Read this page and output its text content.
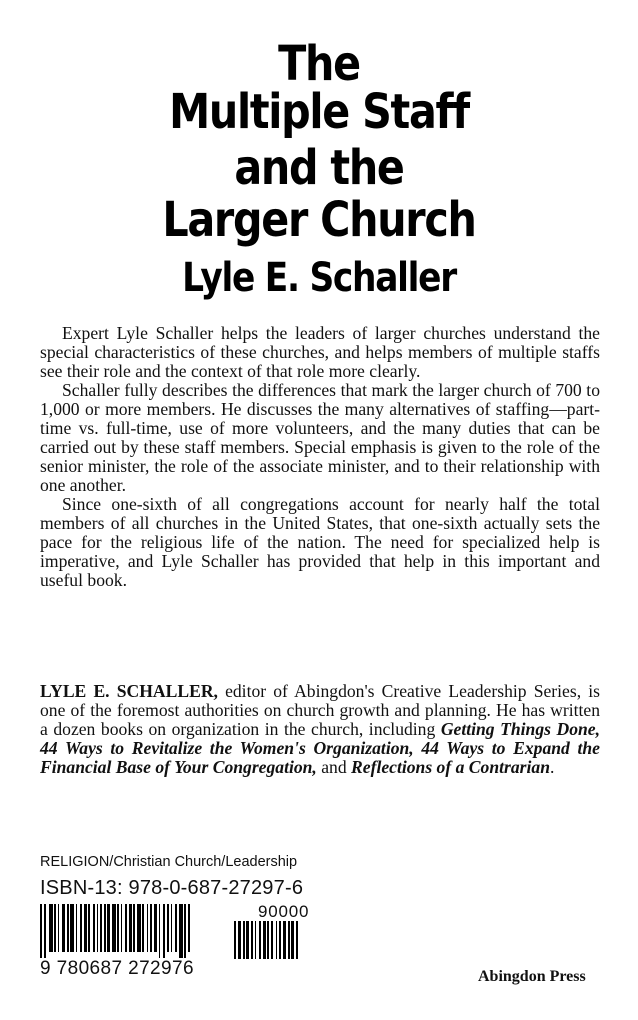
The
Multiple Staff
and the
Larger Church
Lyle E. Schaller

Expert Lyle Schaller helps the leaders of larger churches understand the special characteristics of these churches, and helps members of multiple staffs see their role and the context of that role more clearly.

Schaller fully describes the differences that mark the larger church of 700 to 1,000 or more members. He discusses the many alternatives of staffing—part-time vs. full-time, use of more volunteers, and the many duties that can be carried out by these staff members. Special emphasis is given to the role of the senior minister, the role of the associate minister, and to their relationship with one another.

Since one-sixth of all congregations account for nearly half the total members of all churches in the United States, that one-sixth actually sets the pace for the religious life of the nation. The need for specialized help is imperative, and Lyle Schaller has provided that help in this important and useful book.

LYLE E. SCHALLER, editor of Abingdon's Creative Leadership Series, is one of the foremost authorities on church growth and planning. He has written a dozen books on organization in the church, including Getting Things Done, 44 Ways to Revitalize the Women's Organization, 44 Ways to Expand the Financial Base of Your Congregation, and Reflections of a Contrarian.

RELIGION/Christian Church/Leadership
ISBN-13: 978-0-687-27297-6
9 780687 272976
90000
Abingdon Press
